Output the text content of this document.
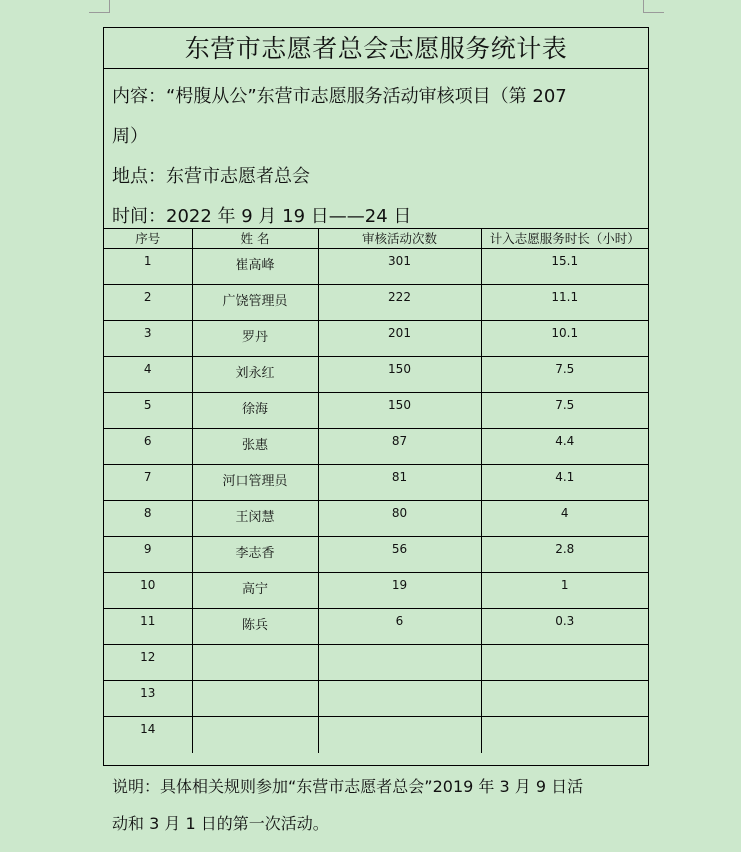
东营市志愿者总会志愿服务统计表

内容：“枵腹从公”东营市志愿服务活动审核项目（第 207

周）

地点：东营市志愿者总会

时间：2022 年 9 月 19 日——24 日

序号	姓 名	审核活动次数	计入志愿服务时长（小时）
1	崔高峰	301	15.1
2	广饶管理员	222	11.1
3	罗丹	201	10.1
4	刘永红	150	7.5
5	徐海	150	7.5
6	张惠	87	4.4
7	河口管理员	81	4.1
8	王闵慧	80	4
9	李志香	56	2.8
10	高宁	19	1
11	陈兵	6	0.3
12			
13			
14			

说明：具体相关规则参加“东营市志愿者总会”2019 年 3 月 9 日活

动和 3 月 1 日的第一次活动。
